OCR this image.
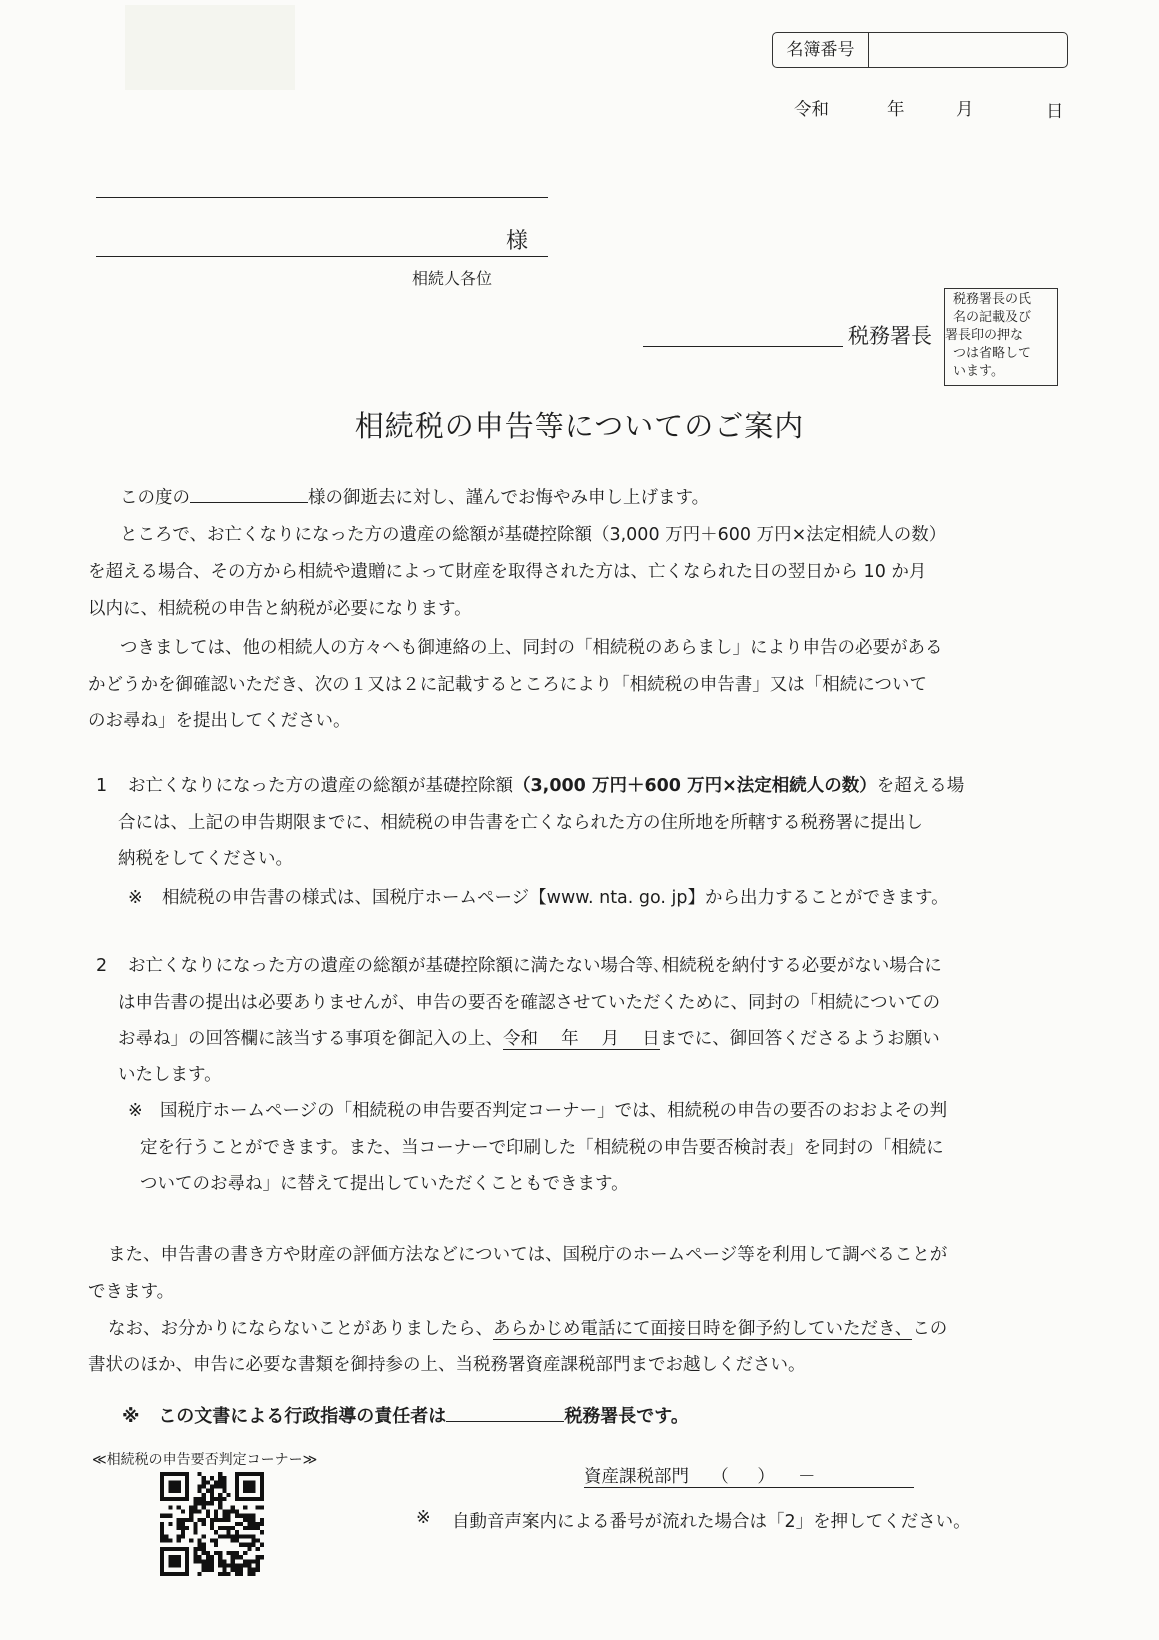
名簿番号
令和	年	月	日
様
相続人各位
税務署長
税務署長の氏
名の記載及び
署長印の押な
つは省略して
います。
相続税の申告等についてのご案内
この度の	様の御逝去に対し、謹んでお悔やみ申し上げます。
ところで、お亡くなりになった方の遺産の総額が基礎控除額（3,000 万円＋600 万円×法定相続人の数）
を超える場合、その方から相続や遺贈によって財産を取得された方は、亡くなられた日の翌日から 10 か月
以内に、相続税の申告と納税が必要になります。
つきましては、他の相続人の方々へも御連絡の上、同封の「相続税のあらまし」により申告の必要がある
かどうかを御確認いただき、次の１又は２に記載するところにより「相続税の申告書」又は「相続について
のお尋ね」を提出してください。
1 お亡くなりになった方の遺産の総額が基礎控除額（3,000 万円＋600 万円×法定相続人の数）を超える場
合には、上記の申告期限までに、相続税の申告書を亡くなられた方の住所地を所轄する税務署に提出し
納税をしてください。
※ 相続税の申告書の様式は、国税庁ホームページ【www. nta. go. jp】から出力することができます。
2 お亡くなりになった方の遺産の総額が基礎控除額に満たない場合等､相続税を納付する必要がない場合に
は申告書の提出は必要ありませんが、申告の要否を確認させていただくために、同封の「相続についての
お尋ね」の回答欄に該当する事項を御記入の上、令和　 年 　月 　日までに、御回答くださるようお願い
いたします。
※ 国税庁ホームページの「相続税の申告要否判定コーナー」では、相続税の申告の要否のおおよその判
定を行うことができます。また、当コーナーで印刷した「相続税の申告要否検討表」を同封の「相続に
ついてのお尋ね」に替えて提出していただくこともできます。
また、申告書の書き方や財産の評価方法などについては、国税庁のホームページ等を利用して調べることが
できます。
なお、お分かりにならないことがありましたら、あらかじめ電話にて面接日時を御予約していただき、この
書状のほか、申告に必要な書類を御持参の上、当税務署資産課税部門までお越しください。
※ この文書による行政指導の責任者は	税務署長です。
≪相続税の申告要否判定コーナー≫
資産課税部門 （ 　 ） 　－
※ 自動音声案内による番号が流れた場合は「2」を押してください。
